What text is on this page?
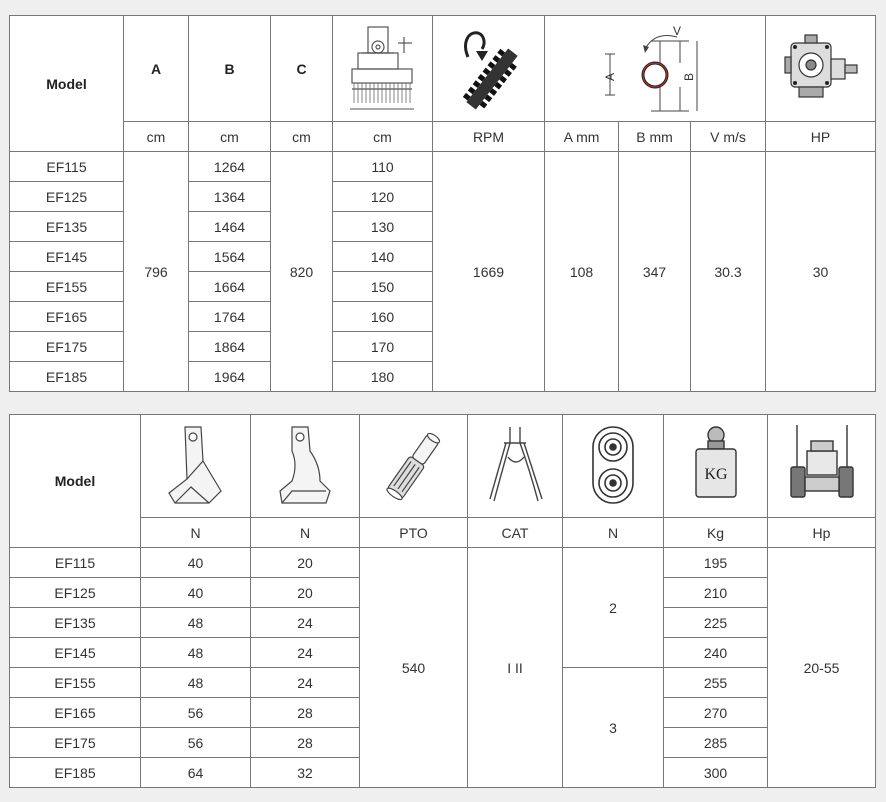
Model	A	B	C			V
A B

	cm	cm	cm	cm	RPM	A mm	B mm	V m/s	HP
EF115	796	1264	820	110	1669	108	347	30.3	30
EF125		1364		120					
EF135		1464		130					
EF145		1564		140					
EF155		1664		150					
EF165		1764		160					
EF175		1864		170					
EF185		1964		180					
Model						KG

	N	N	PTO	CAT	N	Kg	Hp
EF115	40	20	540	I II	2	195	20-55
EF125	40	20				210	
EF135	48	24				225	
EF145	48	24				240	
EF155	48	24			3	255	
EF165	56	28				270	
EF175	56	28				285	
EF185	64	32				300	
